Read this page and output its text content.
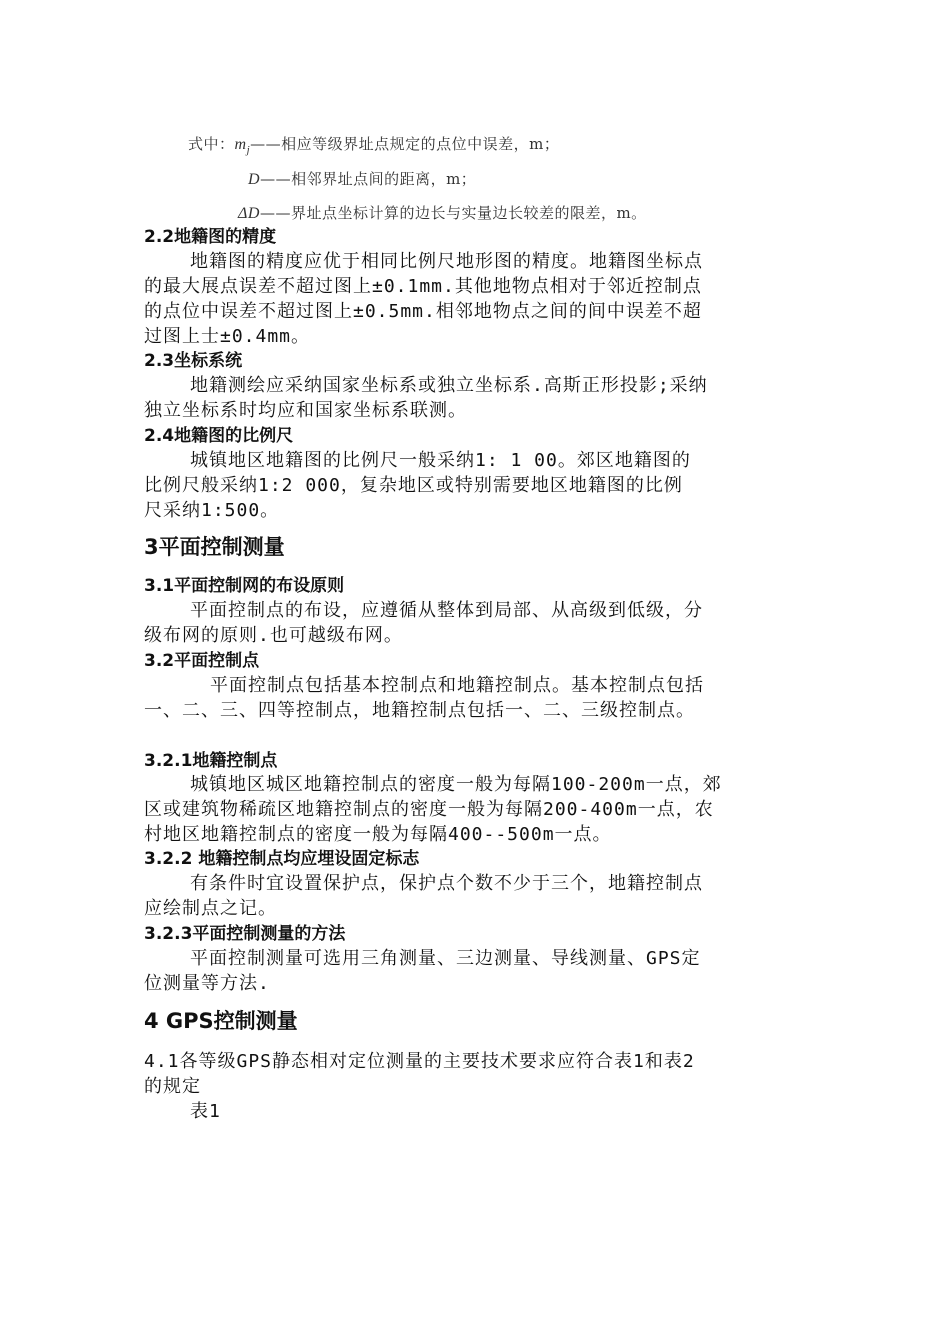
式中：$m_j——$相应等级界址点规定的点位中误差，m；
D——相邻界址点间的距离，m；
ΔD——界址点坐标计算的边长与实量边长较差的限差，m。
2.2地籍图的精度
地籍图的精度应优于相同比例尺地形图的精度。地籍图坐标点
的最大展点误差不超过图上±0.1mm.其他地物点相对于邻近控制点
的点位中误差不超过图上±0.5mm.相邻地物点之间的间中误差不超
过图上士±0.4mm。
2.3坐标系统
地籍测绘应采纳国家坐标系或独立坐标系.高斯正形投影;采纳
独立坐标系时均应和国家坐标系联测。
2.4地籍图的比例尺
城镇地区地籍图的比例尺一般采纳1: 1 00。郊区地籍图的
比例尺般采纳1:2 000，复杂地区或特别需要地区地籍图的比例
尺采纳1:500。
3平面控制测量
3.1平面控制网的布设原则
平面控制点的布设，应遵循从整体到局部、从高级到低级，分
级布网的原则.也可越级布网。
3.2平面控制点
平面控制点包括基本控制点和地籍控制点。基本控制点包括
一、二、三、四等控制点，地籍控制点包括一、二、三级控制点。
3.2.1地籍控制点
城镇地区城区地籍控制点的密度一般为每隔100-200m一点，郊
区或建筑物稀疏区地籍控制点的密度一般为每隔200-400m一点，农
村地区地籍控制点的密度一般为每隔400--500m一点。
3.2.2 地籍控制点均应埋设固定标志
有条件时宜设置保护点，保护点个数不少于三个，地籍控制点
应绘制点之记。
3.2.3平面控制测量的方法
平面控制测量可选用三角测量、三边测量、导线测量、GPS定
位测量等方法.
4 GPS控制测量
4.1各等级GPS静态相对定位测量的主要技术要求应符合表1和表2
的规定
表1
